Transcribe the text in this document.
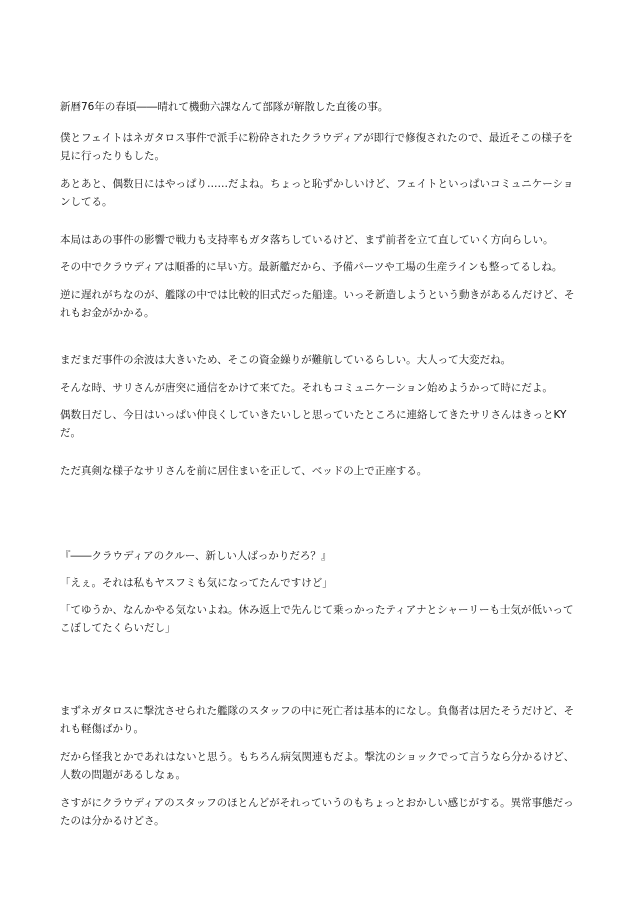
新暦76年の春頃――晴れて機動六課なんて部隊が解散した直後の事。

僕とフェイトはネガタロス事件で派手に粉砕されたクラウディアが即行で修復されたので、最近そこの様子を見に行ったりもした。

あとあと、偶数日にはやっぱり……だよね。ちょっと恥ずかしいけど、フェイトといっぱいコミュニケーションしてる。

本局はあの事件の影響で戦力も支持率もガタ落ちしているけど、まず前者を立て直していく方向らしい。

その中でクラウディアは順番的に早い方。最新艦だから、予備パーツや工場の生産ラインも整ってるしね。

逆に遅れがちなのが、艦隊の中では比較的旧式だった船達。いっそ新造しようという動きがあるんだけど、それもお金がかかる。

まだまだ事件の余波は大きいため、そこの資金繰りが難航しているらしい。大人って大変だね。

そんな時、サリさんが唐突に通信をかけて来てた。それもコミュニケーション始めようかって時にだよ。

偶数日だし、今日はいっぱい仲良くしていきたいしと思っていたところに連絡してきたサリさんはきっとKYだ。

ただ真剣な様子なサリさんを前に居住まいを正して、ベッドの上で正座する。

『――クラウディアのクルー、新しい人ばっかりだろ？』

「えぇ。それは私もヤスフミも気になってたんですけど」

「てゆうか、なんかやる気ないよね。休み返上で先んじて乗っかったティアナとシャーリーも士気が低いってこぼしてたくらいだし」

まずネガタロスに撃沈させられた艦隊のスタッフの中に死亡者は基本的になし。負傷者は居たそうだけど、それも軽傷ばかり。

だから怪我とかであれはないと思う。もちろん病気関連もだよ。撃沈のショックでって言うなら分かるけど、人数の問題があるしなぁ。

さすがにクラウディアのスタッフのほとんどがそれっていうのもちょっとおかしい感じがする。異常事態だったのは分かるけどさ。
